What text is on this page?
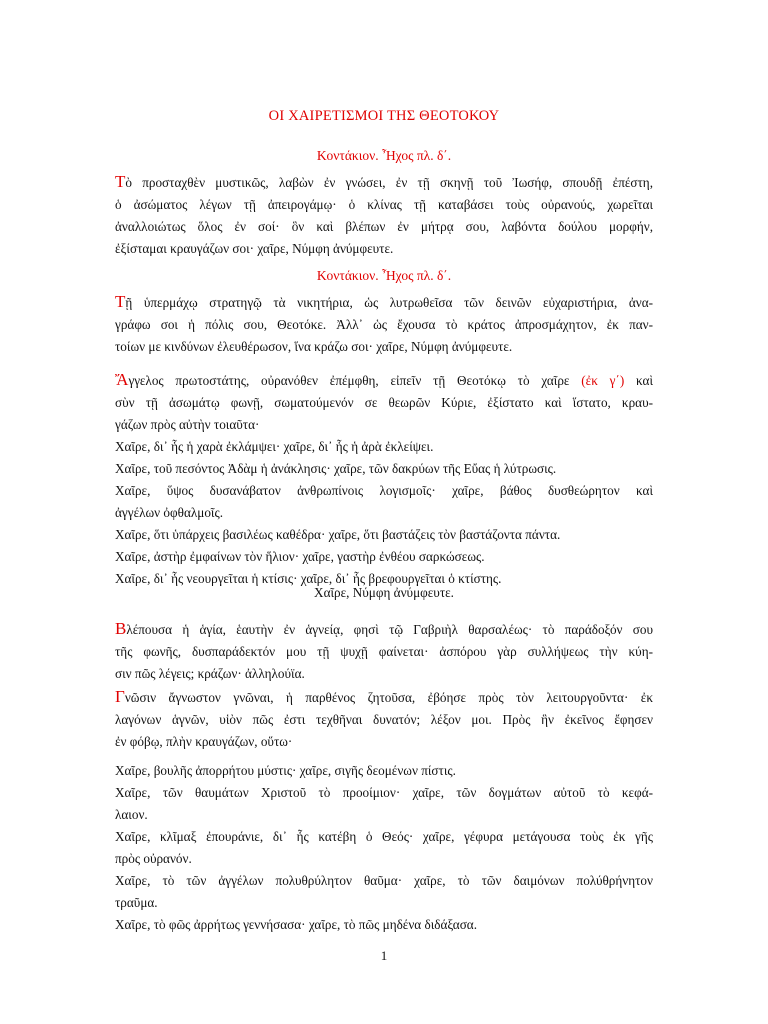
ΟΙ ΧΑΙΡΕΤΙΣΜΟΙ ΤΗΣ ΘΕΟΤΟΚΟΥ
Κοντάκιον. Ἦχος πλ. δ΄.
Τὸ προσταχθὲν μυστικῶς, λαβὼν ἐν γνώσει, ἐν τῇ σκηνῇ τοῦ Ἰωσήφ, σπουδῇ ἐπέστη,
ὁ ἀσώματος λέγων τῇ ἀπειρογάμῳ· ὁ κλίνας τῇ καταβάσει τοὺς οὐρανούς, χωρεῖται
ἀναλλοιώτως ὅλος ἐν σοί· ὃν καὶ βλέπων ἐν μήτρᾳ σου, λαβόντα δούλου μορφήν,
ἐξίσταμαι κραυγάζων σοι· χαῖρε, Νύμφη ἀνύμφευτε.
Κοντάκιον. Ἦχος πλ. δ΄.
Τῇ ὑπερμάχῳ στρατηγῷ τὰ νικητήρια, ὡς λυτρωθεῖσα τῶν δεινῶν εὐχαριστήρια, ἀνα-
γράφω σοι ἡ πόλις σου, Θεοτόκε. Ἀλλ᾽ ὡς ἔχουσα τὸ κράτος ἀπροσμάχητον, ἐκ παν-
τοίων με κινδύνων ἐλευθέρωσον, ἵνα κράζω σοι· χαῖρε, Νύμφη ἀνύμφευτε.
Ἄγγελος πρωτοστάτης, οὐρανόθεν ἐπέμφθη, εἰπεῖν τῇ Θεοτόκῳ τὸ χαῖρε (ἐκ γ΄) καὶ
σὺν τῇ ἀσωμάτῳ φωνῇ, σωματούμενόν σε θεωρῶν Κύριε, ἐξίστατο καὶ ἵστατο, κραυ-
γάζων πρὸς αὐτὴν τοιαῦτα·
Χαῖρε, δι᾽ ἧς ἡ χαρὰ ἐκλάμψει· χαῖρε, δι᾽ ἧς ἡ ἀρὰ ἐκλείψει.
Χαῖρε, τοῦ πεσόντος Ἀδὰμ ἡ ἀνάκλησις· χαῖρε, τῶν δακρύων τῆς Εὔας ἡ λύτρωσις.
Χαῖρε, ὕψος δυσανάβατον ἀνθρωπίνοις λογισμοῖς· χαῖρε, βάθος δυσθεώρητον καὶ
ἀγγέλων ὀφθαλμοῖς.
Χαῖρε, ὅτι ὑπάρχεις βασιλέως καθέδρα· χαῖρε, ὅτι βαστάζεις τὸν βαστάζοντα πάντα.
Χαῖρε, ἀστὴρ ἐμφαίνων τὸν ἥλιον· χαῖρε, γαστὴρ ἐνθέου σαρκώσεως.
Χαῖρε, δι᾽ ἧς νεουργεῖται ἡ κτίσις· χαῖρε, δι᾽ ἧς βρεφουργεῖται ὁ κτίστης.
Χαῖρε, Νύμφη ἀνύμφευτε.
Βλέπουσα ἡ ἁγία, ἑαυτὴν ἐν ἁγνείᾳ, φησὶ τῷ Γαβριὴλ θαρσαλέως· τὸ παράδοξόν σου
τῆς φωνῆς, δυσπαράδεκτόν μου τῇ ψυχῇ φαίνεται· ἀσπόρου γὰρ συλλήψεως τὴν κύη-
σιν πῶς λέγεις; κράζων· ἀλληλούϊα.
Γνῶσιν ἄγνωστον γνῶναι, ἡ παρθένος ζητοῦσα, ἐβόησε πρὸς τὸν λειτουργοῦντα· ἐκ
λαγόνων ἁγνῶν, υἱὸν πῶς ἐστι τεχθῆναι δυνατόν; λέξον μοι. Πρὸς ἣν ἐκεῖνος ἔφησεν
ἐν φόβῳ, πλὴν κραυγάζων, οὕτω·
Χαῖρε, βουλῆς ἀπορρήτου μύστις· χαῖρε, σιγῆς δεομένων πίστις.
Χαῖρε, τῶν θαυμάτων Χριστοῦ τὸ προοίμιον· χαῖρε, τῶν δογμάτων αὐτοῦ τὸ κεφά-
λαιον.
Χαῖρε, κλῖμαξ ἐπουράνιε, δι᾽ ἧς κατέβη ὁ Θεός· χαῖρε, γέφυρα μετάγουσα τοὺς ἐκ γῆς
πρὸς οὐρανόν.
Χαῖρε, τὸ τῶν ἀγγέλων πολυθρύλητον θαῦμα· χαῖρε, τὸ τῶν δαιμόνων πολύθρήνητον
τραῦμα.
Χαῖρε, τὸ φῶς ἀρρήτως γεννήσασα· χαῖρε, τὸ πῶς μηδένα διδάξασα.
1
